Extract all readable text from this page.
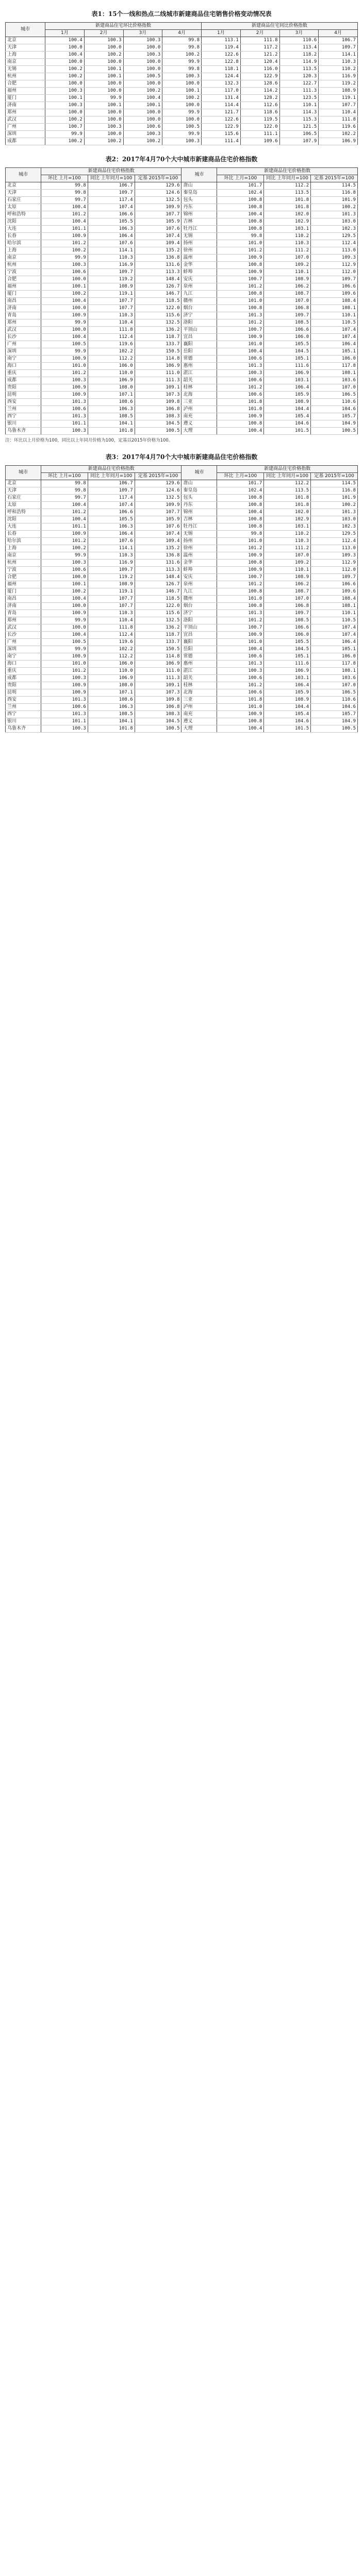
表1：15个一线和热点二线城市新建商品住宅销售价格变动情况表
城市	新建商品住宅环比价格指数				新建商品住宅同比价格指数			
	1月	2月	3月	4月	1月	2月	3月	4月
北京	100.4	100.3	100.3	99.8	113.1	111.8	110.6	106.7
天津	100.0	100.0	100.0	99.8	119.4	117.2	113.4	109.7
上海	100.4	100.2	100.3	100.2	122.6	121.2	118.2	114.1
南京	100.0	100.0	100.0	99.9	122.8	120.4	114.9	110.3
无锡	100.2	100.1	100.0	99.8	118.1	116.0	113.5	110.2
杭州	100.2	100.1	100.5	100.3	124.4	122.9	120.3	116.9
合肥	100.0	100.0	100.0	100.0	132.3	128.6	122.7	119.2
福州	100.3	100.0	100.2	100.1	117.0	114.2	111.3	108.9
厦门	100.1	99.9	100.4	100.2	131.4	128.2	123.5	119.1
济南	100.3	100.1	100.1	100.0	114.4	112.6	110.1	107.7
郑州	100.0	100.0	100.0	99.9	121.7	118.6	114.3	110.4
武汉	100.2	100.0	100.0	100.0	122.6	119.5	115.3	111.8
广州	100.7	100.3	100.6	100.5	122.9	122.0	121.5	119.6
深圳	99.9	100.0	100.3	99.9	115.6	111.1	106.5	102.2
成都	100.2	100.2	100.2	100.3	111.4	109.6	107.9	106.9
表2：2017年4月70个大中城市新建商品住宅价格指数
城市	新建商品住宅价格指数			城市	新建商品住宅价格指数		
	环比 上月=100	同比 上年同月=100	定基 2015年=100		环比 上月=100	同比 上年同月=100	定基 2015年=100
北京	99.8	106.7	129.6	唐山	101.7	112.2	114.5
天津	99.8	109.7	124.6	秦皇岛	102.4	113.5	116.8
石家庄	99.7	117.4	132.5	包头	100.8	101.8	101.9
太原	100.4	107.4	109.9	丹东	100.8	101.8	100.2
呼和浩特	101.2	106.6	107.7	锦州	100.4	102.0	101.3
沈阳	100.4	105.5	105.9	吉林	100.8	102.9	103.0
大连	101.1	106.3	107.6	牡丹江	100.8	103.1	102.3
长春	100.9	106.4	107.4	无锡	99.8	110.2	129.5
哈尔滨	101.2	107.6	109.4	扬州	101.0	110.3	112.4
上海	100.2	114.1	135.2	徐州	101.2	111.2	113.0
南京	99.9	110.3	136.8	温州	100.9	107.0	109.3
杭州	100.3	116.9	131.6	金华	100.8	109.2	112.9
宁波	100.6	109.7	113.3	蚌埠	100.9	110.1	112.0
合肥	100.0	119.2	148.4	安庆	100.7	108.9	109.7
福州	100.1	108.9	126.7	泉州	101.2	106.2	106.6
厦门	100.2	119.1	146.7	九江	100.8	108.7	109.6
南昌	100.4	107.7	118.5	赣州	101.0	107.0	108.4
济南	100.0	107.7	122.0	烟台	100.8	106.8	108.1
青岛	100.9	110.3	115.6	济宁	101.3	109.7	110.1
郑州	99.9	110.4	132.5	洛阳	101.2	108.5	110.5
武汉	100.0	111.8	136.2	平顶山	100.7	106.6	107.4
长沙	100.4	112.4	118.7	宜昌	100.9	106.0	107.4
广州	100.5	119.6	133.7	襄阳	101.0	105.5	106.4
深圳	99.9	102.2	150.5	岳阳	100.4	104.5	105.1
南宁	100.9	112.2	114.8	常德	100.6	105.1	106.0
海口	101.0	106.0	106.9	惠州	101.3	111.6	117.8
重庆	101.2	110.0	111.0	湛江	100.3	106.9	108.1
成都	100.3	106.9	111.3	韶关	100.6	103.1	103.6
贵阳	100.9	108.0	109.1	桂林	101.2	106.4	107.0
昆明	100.9	107.1	107.3	北海	100.6	105.9	106.5
西安	101.3	108.6	109.8	三亚	101.8	108.9	110.6
兰州	100.6	106.3	106.8	泸州	101.0	104.4	104.6
西宁	101.3	108.5	108.3	南充	100.9	105.4	105.7
银川	101.1	104.1	104.5	遵义	100.8	104.6	104.9
乌鲁木齐	100.3	101.8	100.5	大理	100.4	101.5	100.5
注：环比以上月价格为100，同比以上年同月价格为100，定基以2015年价格为100。
表3：2017年4月70个大中城市新建商品住宅价格指数
城市	新建商品住宅价格指数			城市	新建商品住宅价格指数		
	环比 上月=100	同比 上年同月=100	定基 2015年=100		环比 上月=100	同比 上年同月=100	定基 2015年=100
北京	99.8	106.7	129.6	唐山	101.7	112.2	114.5
天津	99.8	109.7	124.6	秦皇岛	102.4	113.5	116.8
石家庄	99.7	117.4	132.5	包头	100.8	101.8	101.9
太原	100.4	107.4	109.9	丹东	100.8	101.8	100.2
呼和浩特	101.2	106.6	107.7	锦州	100.4	102.0	101.3
沈阳	100.4	105.5	105.9	吉林	100.8	102.9	103.0
大连	101.1	106.3	107.6	牡丹江	100.8	103.1	102.3
长春	100.9	106.4	107.4	无锡	99.8	110.2	129.5
哈尔滨	101.2	107.6	109.4	扬州	101.0	110.3	112.4
上海	100.2	114.1	135.2	徐州	101.2	111.2	113.0
南京	99.9	110.3	136.8	温州	100.9	107.0	109.3
杭州	100.3	116.9	131.6	金华	100.8	109.2	112.9
宁波	100.6	109.7	113.3	蚌埠	100.9	110.1	112.0
合肥	100.0	119.2	148.4	安庆	100.7	108.9	109.7
福州	100.1	108.9	126.7	泉州	101.2	106.2	106.6
厦门	100.2	119.1	146.7	九江	100.8	108.7	109.6
南昌	100.4	107.7	118.5	赣州	101.0	107.0	108.4
济南	100.0	107.7	122.0	烟台	100.8	106.8	108.1
青岛	100.9	110.3	115.6	济宁	101.3	109.7	110.1
郑州	99.9	110.4	132.5	洛阳	101.2	108.5	110.5
武汉	100.0	111.8	136.2	平顶山	100.7	106.6	107.4
长沙	100.4	112.4	118.7	宜昌	100.9	106.0	107.4
广州	100.5	119.6	133.7	襄阳	101.0	105.5	106.4
深圳	99.9	102.2	150.5	岳阳	100.4	104.5	105.1
南宁	100.9	112.2	114.8	常德	100.6	105.1	106.0
海口	101.0	106.0	106.9	惠州	101.3	111.6	117.8
重庆	101.2	110.0	111.0	湛江	100.3	106.9	108.1
成都	100.3	106.9	111.3	韶关	100.6	103.1	103.6
贵阳	100.9	108.0	109.1	桂林	101.2	106.4	107.0
昆明	100.9	107.1	107.3	北海	100.6	105.9	106.5
西安	101.3	108.6	109.8	三亚	101.8	108.9	110.6
兰州	100.6	106.3	106.8	泸州	101.0	104.4	104.6
西宁	101.3	108.5	108.3	南充	100.9	105.4	105.7
银川	101.1	104.1	104.5	遵义	100.8	104.6	104.9
乌鲁木齐	100.3	101.8	100.5	大理	100.4	101.5	100.5
